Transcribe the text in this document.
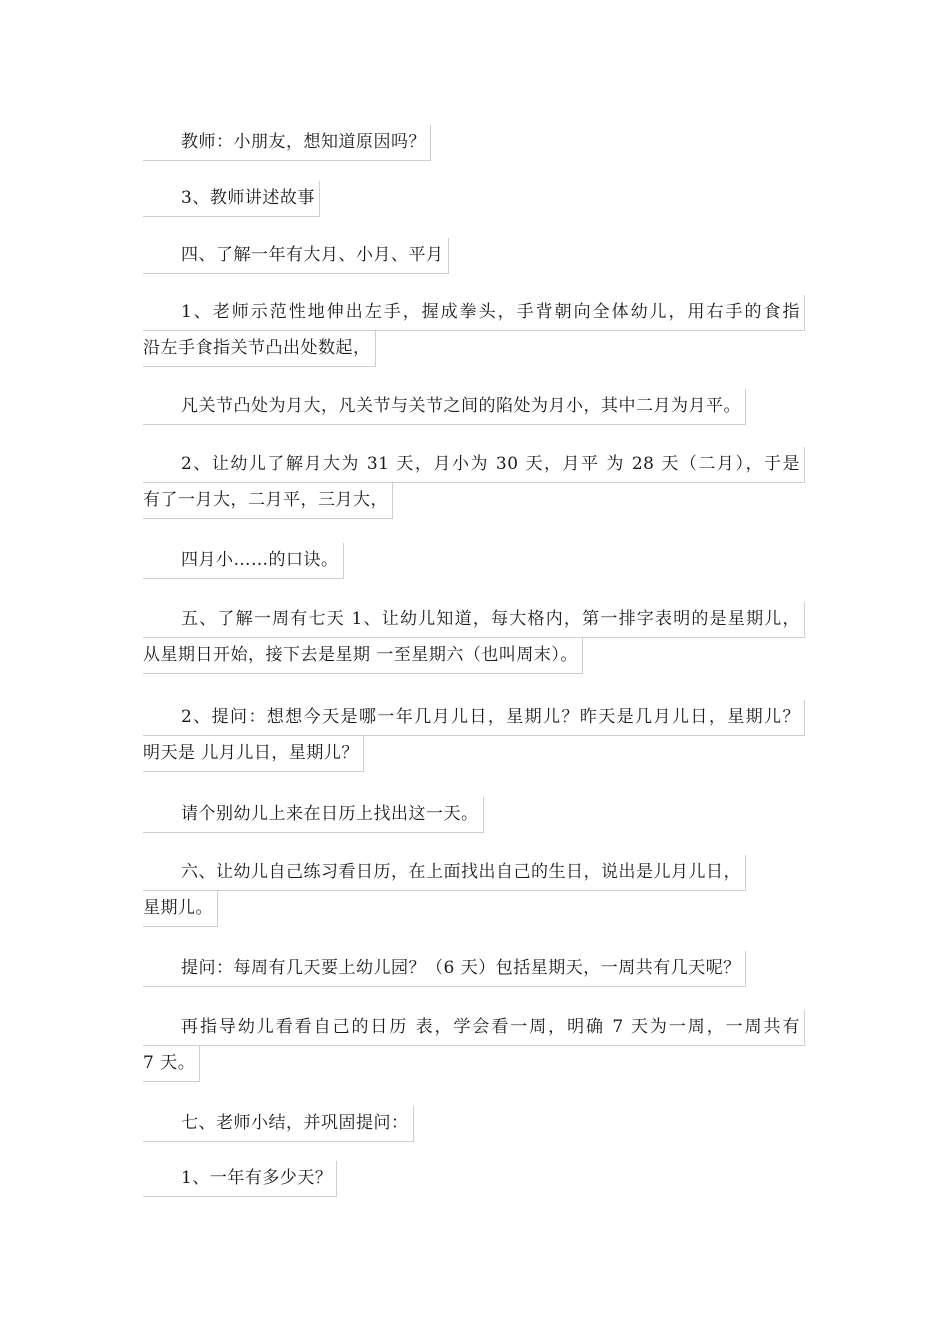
教师：小朋友，想知道原因吗？
3、教师讲述故事
四、了解一年有大月、小月、平月
1、老师示范性地伸出左手，握成拳头，手背朝向全体幼儿，用右手的食指
沿左手食指关节凸出处数起，
凡关节凸处为月大，凡关节与关节之间的陷处为月小，其中二月为月平。
2、让幼儿了解月大为 31 天，月小为 30 天，月平 为 28 天（二月），于是
有了一月大，二月平，三月大，
四月小……的口诀。
五、了解一周有七天 1、让幼儿知道，每大格内，第一排字表明的是星期儿，
从星期日开始，接下去是星期 一至星期六（也叫周末）。
2、提问：想想今天是哪一年几月儿日，星期儿？昨天是几月儿日，星期儿？
明天是 儿月儿日，星期儿？
请个别幼儿上来在日历上找出这一天。
六、让幼儿自己练习看日历，在上面找出自己的生日，说出是儿月儿日，
星期儿。
提问：每周有几天要上幼儿园？（6 天）包括星期天，一周共有几天呢？
再指导幼儿看看自己的日历 表，学会看一周，明确 7 天为一周，一周共有
7 天。
七、老师小结，并巩固提问：
1、一年有多少天？
